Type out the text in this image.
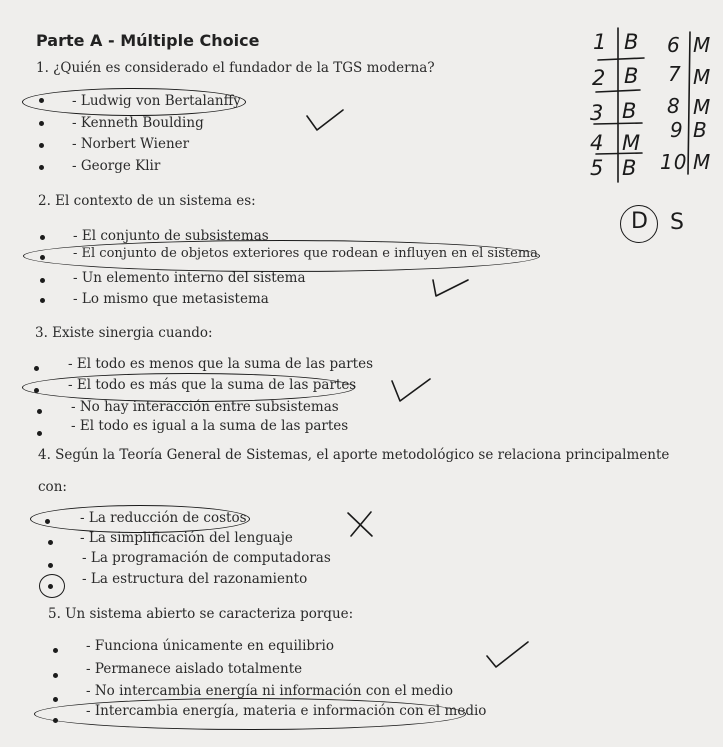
Parte A - Múltiple Choice
1. ¿Quién es considerado el fundador de la TGS moderna?
- Ludwig von Bertalanffy
- Kenneth Boulding
- Norbert Wiener
- George Klir
2. El contexto de un sistema es:
- El conjunto de subsistemas
- El conjunto de objetos exteriores que rodean e influyen en el sistema
- Un elemento interno del sistema
- Lo mismo que metasistema
3. Existe sinergia cuando:
- El todo es menos que la suma de las partes
- El todo es más que la suma de las partes
- No hay interacción entre subsistemas
- El todo es igual a la suma de las partes
4. Según la Teoría General de Sistemas, el aporte metodológico se relaciona principalmente
con:
- La reducción de costos
- La simplificación del lenguaje
- La programación de computadoras
- La estructura del razonamiento
5. Un sistema abierto se caracteriza porque:
- Funciona únicamente en equilibrio
- Permanece aislado totalmente
- No intercambia energía ni información con el medio
- Intercambia energía, materia e información con el medio
1 B
2 B
3 B
4 M
5 B
6 M
7 M
8 M
9 B
10 M
D S
